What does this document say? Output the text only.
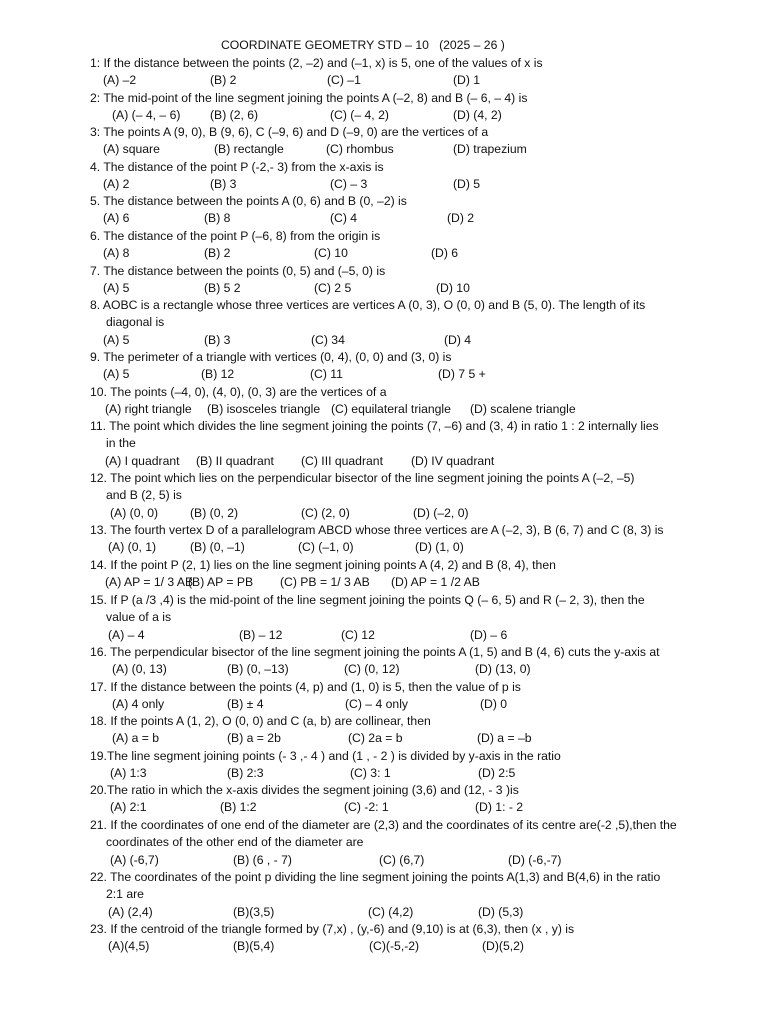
COORDINATE GEOMETRY STD – 10   (2025 – 26 )
1: If the distance between the points (2, –2) and (–1, x) is 5, one of the values of x is
(A) –2	(B) 2	(C) –1	(D) 1
2: The mid-point of the line segment joining the points A (–2, 8) and B (– 6, – 4) is
(A) (– 4, – 6) (B) (2, 6)	(C) (– 4, 2)	(D) (4, 2)
3: The points A (9, 0), B (9, 6), C (–9, 6) and D (–9, 0) are the vertices of a
(A) square	(B) rectangle	(C) rhombus	(D) trapezium
4. The distance of the point P (-2,- 3) from the x-axis is
(A) 2	(B) 3	(C) – 3	(D) 5
5. The distance between the points A (0, 6) and B (0, –2) is
(A) 6	(B) 8	(C) 4	(D) 2
6. The distance of the point P (–6, 8) from the origin is
(A) 8	(B) 2	(C) 10	(D) 6
7. The distance between the points (0, 5) and (–5, 0) is
(A) 5	(B) 5 2	(C) 2 5	(D) 10
8. AOBC is a rectangle whose three vertices are vertices A (0, 3), O (0, 0) and B (5, 0). The length of its
diagonal is
(A) 5	(B) 3	(C) 34	(D) 4
9. The perimeter of a triangle with vertices (0, 4), (0, 0) and (3, 0) is
(A) 5	(B) 12	(C) 11	(D) 7 5 +
10. The points (–4, 0), (4, 0), (0, 3) are the vertices of a
(A) right triangle (B) isosceles triangle (C) equilateral triangle (D) scalene triangle
11. The point which divides the line segment joining the points (7, –6) and (3, 4) in ratio 1 : 2 internally lies
in the
(A) I quadrant (B) II quadrant (C) III quadrant (D) IV quadrant
12. The point which lies on the perpendicular bisector of the line segment joining the points A (–2, –5)
and B (2, 5) is
(A) (0, 0)	(B) (0, 2)	(C) (2, 0)	(D) (–2, 0)
13. The fourth vertex D of a parallelogram ABCD whose three vertices are A (–2, 3), B (6, 7) and C (8, 3) is
(A) (0, 1)	(B) (0, –1)	(C) (–1, 0)	(D) (1, 0)
14. If the point P (2, 1) lies on the line segment joining points A (4, 2) and B (8, 4), then
(A) AP = 1/ 3 AB
(B) AP = PB (C) PB = 1/ 3 AB (D) AP = 1 /2 AB
15. If P (a /3 ,4) is the mid-point of the line segment joining the points Q (– 6, 5) and R (– 2, 3), then the
value of a is
(A) – 4	(B) – 12	(C) 12	(D) – 6
16. The perpendicular bisector of the line segment joining the points A (1, 5) and B (4, 6) cuts the y-axis at
(A) (0, 13)	(B) (0, –13)	(C) (0, 12)	(D) (13, 0)
17. If the distance between the points (4, p) and (1, 0) is 5, then the value of p is
(A) 4 only	(B) ± 4	(C) – 4 only	(D) 0
18. If the points A (1, 2), O (0, 0) and C (a, b) are collinear, then
(A) a = b	(B) a = 2b	(C) 2a = b	(D) a = –b
19.The line segment joining points (- 3 ,- 4 ) and (1 , - 2 ) is divided by y-axis in the ratio
(A) 1:3	(B) 2:3	(C) 3: 1	(D) 2:5
20.The ratio in which the x-axis divides the segment joining (3,6) and (12, - 3 )is
(A) 2:1	(B) 1:2	(C) -2: 1	(D) 1: - 2
21. If the coordinates of one end of the diameter are (2,3) and the coordinates of its centre are(-2 ,5),then the
coordinates of the other end of the diameter are
(A) (-6,7)	(B) (6 , - 7)	(C) (6,7)	(D) (-6,-7)
22. The coordinates of the point p dividing the line segment joining the points A(1,3) and B(4,6) in the ratio
2:1 are
(A) (2,4)	(B)(3,5)	(C) (4,2)	(D) (5,3)
23. If the centroid of the triangle formed by (7,x) , (y,-6) and (9,10) is at (6,3), then (x , y) is
(A)(4,5)	(B)(5,4)	(C)(-5,-2)	(D)(5,2)
